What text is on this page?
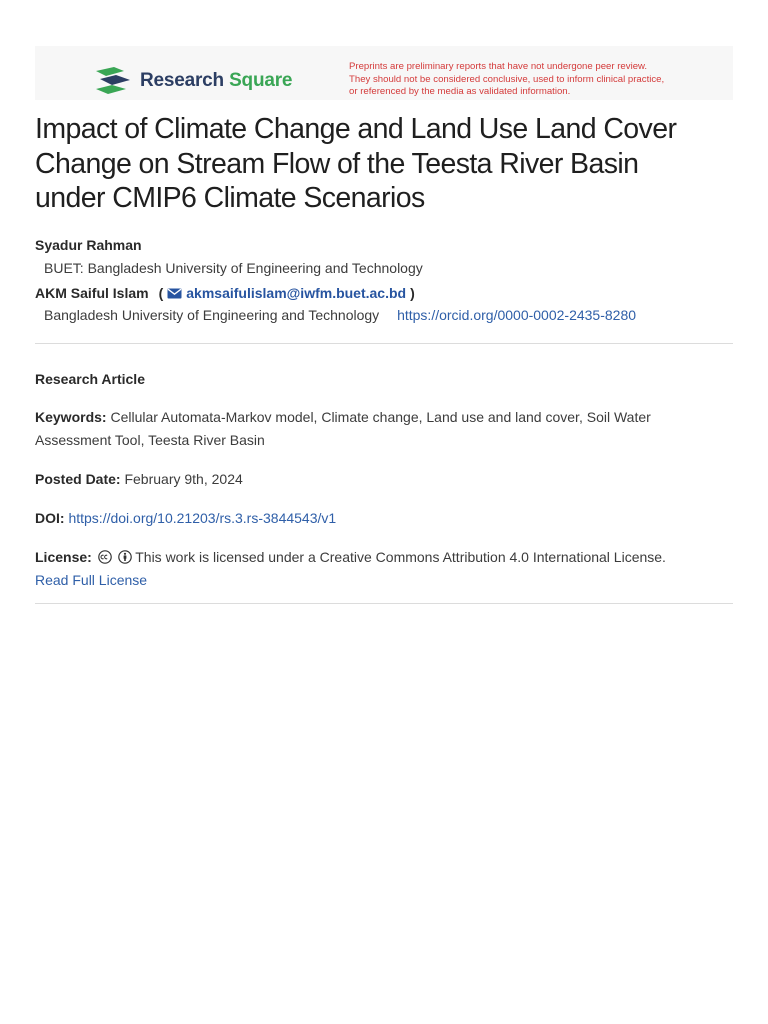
Research Square
Preprints are preliminary reports that have not undergone peer review.
They should not be considered conclusive, used to inform clinical practice,
or referenced by the media as validated information.
Impact of Climate Change and Land Use Land Cover
Change on Stream Flow of the Teesta River Basin
under CMIP6 Climate Scenarios
Syadur Rahman
BUET: Bangladesh University of Engineering and Technology
AKM Saiful Islam ( akmsaifulislam@iwfm.buet.ac.bd )
Bangladesh University of Engineering and Technology https://orcid.org/0000-0002-2435-8280
Research Article
Keywords: Cellular Automata-Markov model, Climate change, Land use and land cover, Soil Water Assessment Tool, Teesta River Basin
Posted Date: February 9th, 2024
DOI: https://doi.org/10.21203/rs.3.rs-3844543/v1
License:	This work is licensed under a Creative Commons Attribution 4.0 International License.
Read Full License
